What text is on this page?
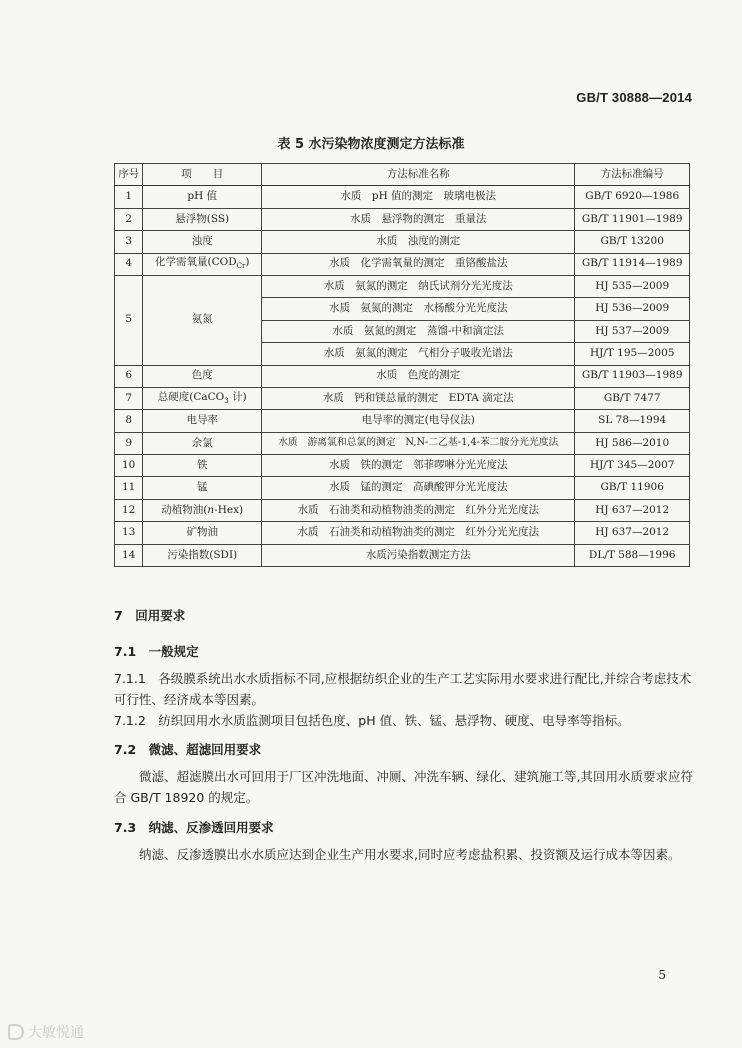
GB/T 30888—2014
表 5 水污染物浓度测定方法标准
序号	项　　目	方法标准名称	方法标准编号
1	pH 值	水质　pH 值的测定　玻璃电极法	GB/T 6920—1986
2	悬浮物(SS)	水质　悬浮物的测定　重量法	GB/T 11901—1989
3	浊度	水质　浊度的测定	GB/T 13200
4	化学需氧量$(COD_{Cr})$	水质　化学需氧量的测定　重铬酸盐法	GB/T 11914—1989
5	氨氮	水质　氨氮的测定　纳氏试剂分光光度法	HJ 535—2009
		水质　氨氮的测定　水杨酸分光光度法	HJ 536—2009
		水质　氨氮的测定　蒸馏-中和滴定法	HJ 537—2009
		水质　氨氮的测定　气相分子吸收光谱法	HJ/T 195—2005
6	色度	水质　色度的测定	GB/T 11903—1989
7	总硬度(CaCO$_3$ 计)	水质　钙和镁总量的测定　EDTA 滴定法	GB/T 7477
8	电导率	电导率的测定(电导仪法)	SL 78—1994
9	余氯	水质　游离氯和总氯的测定　N,N-二乙基-1,4-苯二胺分光光度法	HJ 586—2010
10	铁	水质　铁的测定　邻菲啰啉分光光度法	HJ/T 345—2007
11	锰	水质　锰的测定　高碘酸钾分光光度法	GB/T 11906
12	动植物油(n-Hex)	水质　石油类和动植物油类的测定　红外分光光度法	HJ 637—2012
13	矿物油	水质　石油类和动植物油类的测定　红外分光光度法	HJ 637—2012
14	污染指数(SDI)	水质污染指数测定方法	DL/T 588—1996
7　回用要求
7.1　一般规定
7.1.1　各级膜系统出水水质指标不同,应根据纺织企业的生产工艺实际用水要求进行配比,并综合考虑技术可行性、经济成本等因素。
7.1.2　纺织回用水水质监测项目包括色度、pH 值、铁、锰、悬浮物、硬度、电导率等指标。
7.2　微滤、超滤回用要求
微滤、超滤膜出水可回用于厂区冲洗地面、冲厕、冲洗车辆、绿化、建筑施工等,其回用水质要求应符合 GB/T 18920 的规定。
7.3　纳滤、反渗透回用要求
纳滤、反渗透膜出水水质应达到企业生产用水要求,同时应考虑盐积累、投资额及运行成本等因素。
5
大敏悦通
